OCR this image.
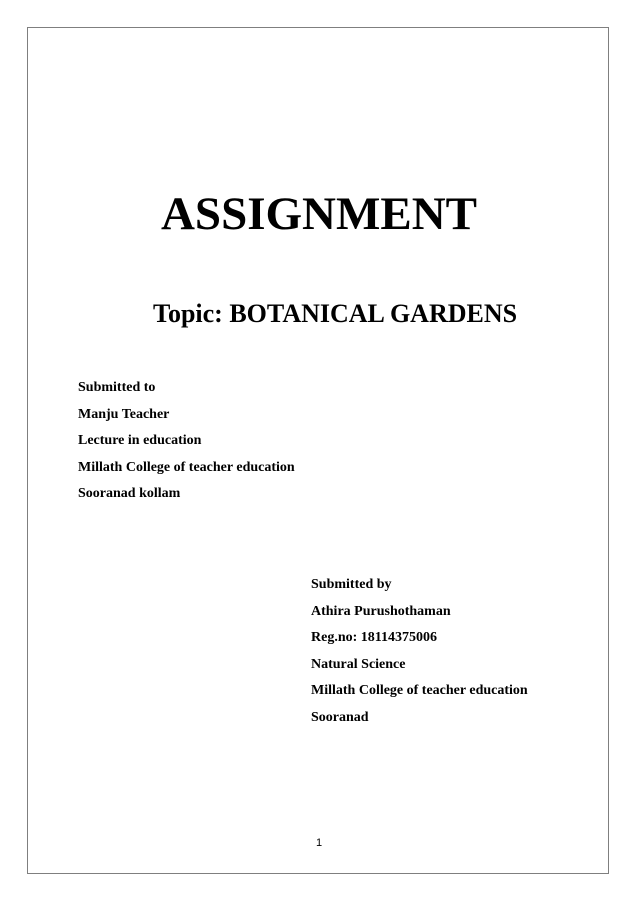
ASSIGNMENT
Topic: BOTANICAL GARDENS
Submitted to
Manju Teacher
Lecture in education
Millath College of teacher education
Sooranad kollam
Submitted by
Athira Purushothaman
Reg.no: 18114375006
Natural Science
Millath College of teacher education
Sooranad
1
